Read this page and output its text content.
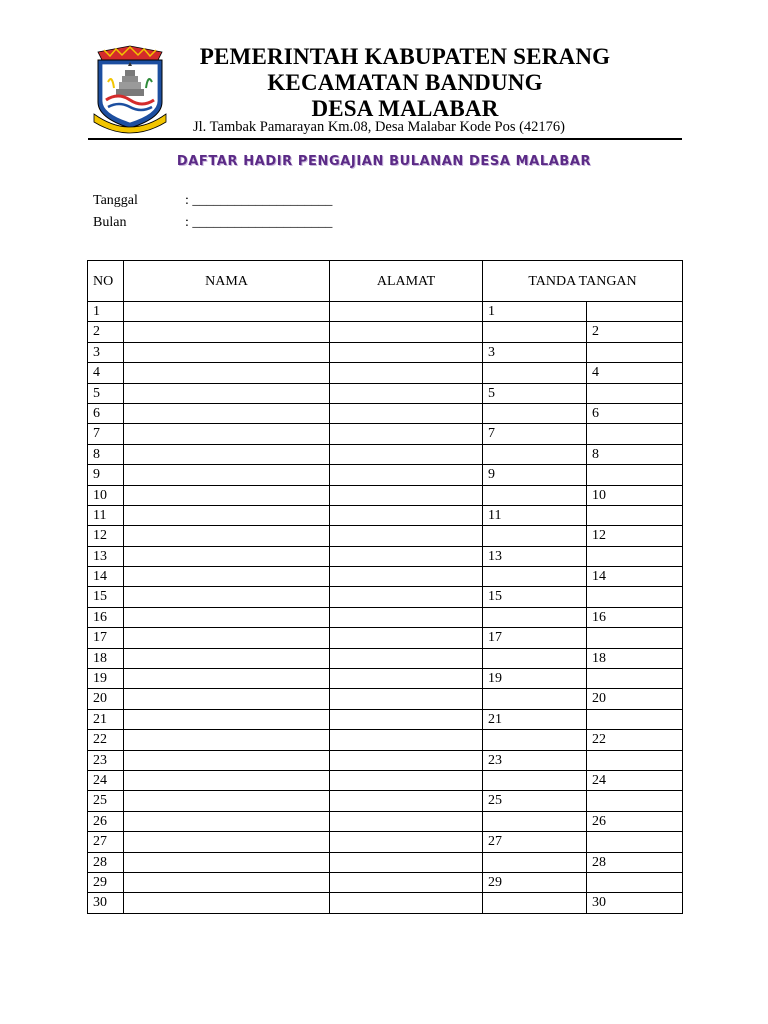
PEMERINTAH KABUPATEN SERANG
KECAMATAN BANDUNG
DESA MALABAR
Jl. Tambak Pamarayan Km.08, Desa Malabar Kode Pos (42176)
DAFTAR HADIR PENGAJIAN BULANAN DESA MALABAR
Tanggal	: ____________________
Bulan	: ____________________
NO	NAMA	ALAMAT	TANDA TANGAN	
1			1	
2				2
3			3	
4				4
5			5	
6				6
7			7	
8				8
9			9	
10				10
11			11	
12				12
13			13	
14				14
15			15	
16				16
17			17	
18				18
19			19	
20				20
21			21	
22				22
23			23	
24				24
25			25	
26				26
27			27	
28				28
29			29	
30				30
